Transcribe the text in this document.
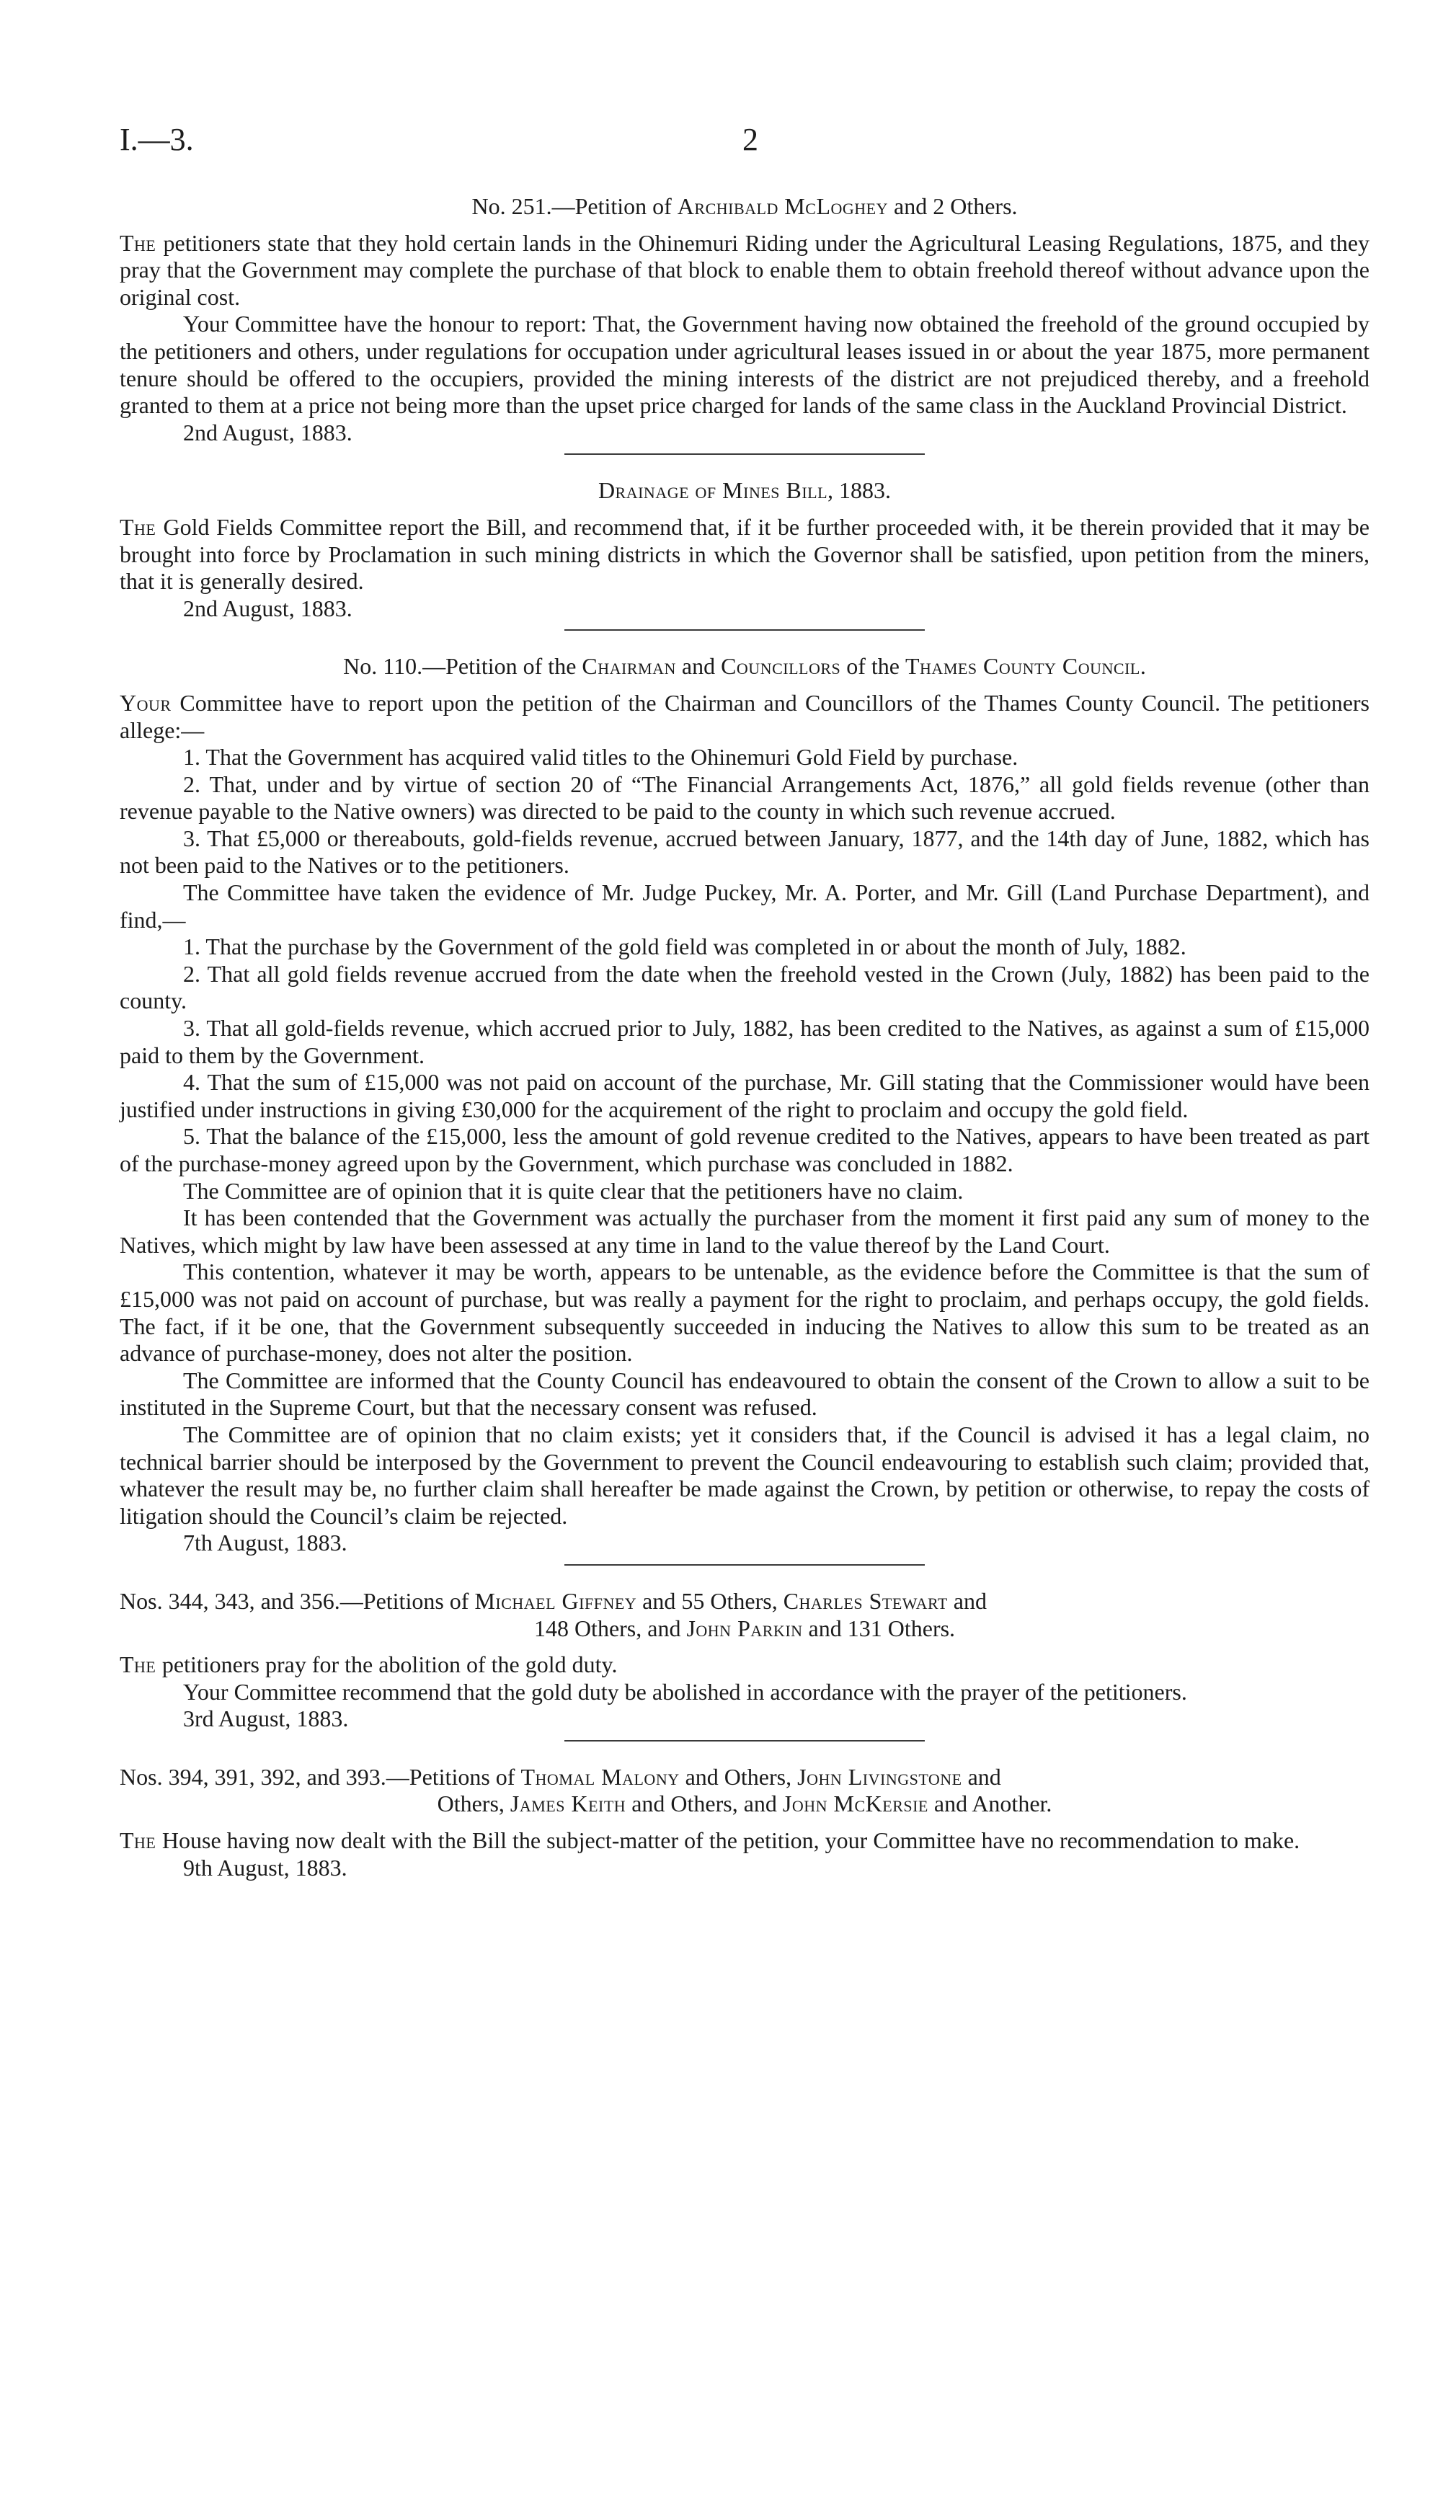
I.—3.	2
No. 251.—Petition of Archibald McLoghey and 2 Others.

The petitioners state that they hold certain lands in the Ohinemuri Riding under the Agricultural Leasing Regulations, 1875, and they pray that the Government may complete the purchase of that block to enable them to obtain freehold thereof without advance upon the original cost.

Your Committee have the honour to report: That, the Government having now obtained the freehold of the ground occupied by the petitioners and others, under regulations for occupation under agricultural leases issued in or about the year 1875, more permanent tenure should be offered to the occupiers, provided the mining interests of the district are not prejudiced thereby, and a freehold granted to them at a price not being more than the upset price charged for lands of the same class in the Auckland Provincial District.

2nd August, 1883.
Drainage of Mines Bill, 1883.

The Gold Fields Committee report the Bill, and recommend that, if it be further proceeded with, it be therein provided that it may be brought into force by Proclamation in such mining districts in which the Governor shall be satisfied, upon petition from the miners, that it is generally desired.

2nd August, 1883.
No. 110.—Petition of the Chairman and Councillors of the Thames County Council.

Your Committee have to report upon the petition of the Chairman and Councillors of the Thames County Council. The petitioners allege:—

1. That the Government has acquired valid titles to the Ohinemuri Gold Field by purchase.

2. That, under and by virtue of section 20 of “The Financial Arrangements Act, 1876,” all gold fields revenue (other than revenue payable to the Native owners) was directed to be paid to the county in which such revenue accrued.

3. That £5,000 or thereabouts, gold-fields revenue, accrued between January, 1877, and the 14th day of June, 1882, which has not been paid to the Natives or to the petitioners.

The Committee have taken the evidence of Mr. Judge Puckey, Mr. A. Porter, and Mr. Gill (Land Purchase Department), and find,—

1. That the purchase by the Government of the gold field was completed in or about the month of July, 1882.

2. That all gold fields revenue accrued from the date when the freehold vested in the Crown (July, 1882) has been paid to the county.

3. That all gold-fields revenue, which accrued prior to July, 1882, has been credited to the Natives, as against a sum of £15,000 paid to them by the Government.

4. That the sum of £15,000 was not paid on account of the purchase, Mr. Gill stating that the Commissioner would have been justified under instructions in giving £30,000 for the acquirement of the right to proclaim and occupy the gold field.

5. That the balance of the £15,000, less the amount of gold revenue credited to the Natives, appears to have been treated as part of the purchase-money agreed upon by the Government, which purchase was concluded in 1882.

The Committee are of opinion that it is quite clear that the petitioners have no claim.

It has been contended that the Government was actually the purchaser from the moment it first paid any sum of money to the Natives, which might by law have been assessed at any time in land to the value thereof by the Land Court.

This contention, whatever it may be worth, appears to be untenable, as the evidence before the Committee is that the sum of £15,000 was not paid on account of purchase, but was really a payment for the right to proclaim, and perhaps occupy, the gold fields. The fact, if it be one, that the Government subsequently succeeded in inducing the Natives to allow this sum to be treated as an advance of purchase-money, does not alter the position.

The Committee are informed that the County Council has endeavoured to obtain the consent of the Crown to allow a suit to be instituted in the Supreme Court, but that the necessary consent was refused.

The Committee are of opinion that no claim exists; yet it considers that, if the Council is advised it has a legal claim, no technical barrier should be interposed by the Government to prevent the Council endeavouring to establish such claim; provided that, whatever the result may be, no further claim shall hereafter be made against the Crown, by petition or otherwise, to repay the costs of litigation should the Council’s claim be rejected.

7th August, 1883.
Nos. 344, 343, and 356.—Petitions of Michael Giffney and 55 Others, Charles Stewart and
148 Others, and John Parkin and 131 Others.

The petitioners pray for the abolition of the gold duty.

Your Committee recommend that the gold duty be abolished in accordance with the prayer of the petitioners.

3rd August, 1883.
Nos. 394, 391, 392, and 393.—Petitions of Thomal Malony and Others, John Livingstone and
Others, James Keith and Others, and John McKersie and Another.

The House having now dealt with the Bill the subject-matter of the petition, your Committee have no recommendation to make.

9th August, 1883.
